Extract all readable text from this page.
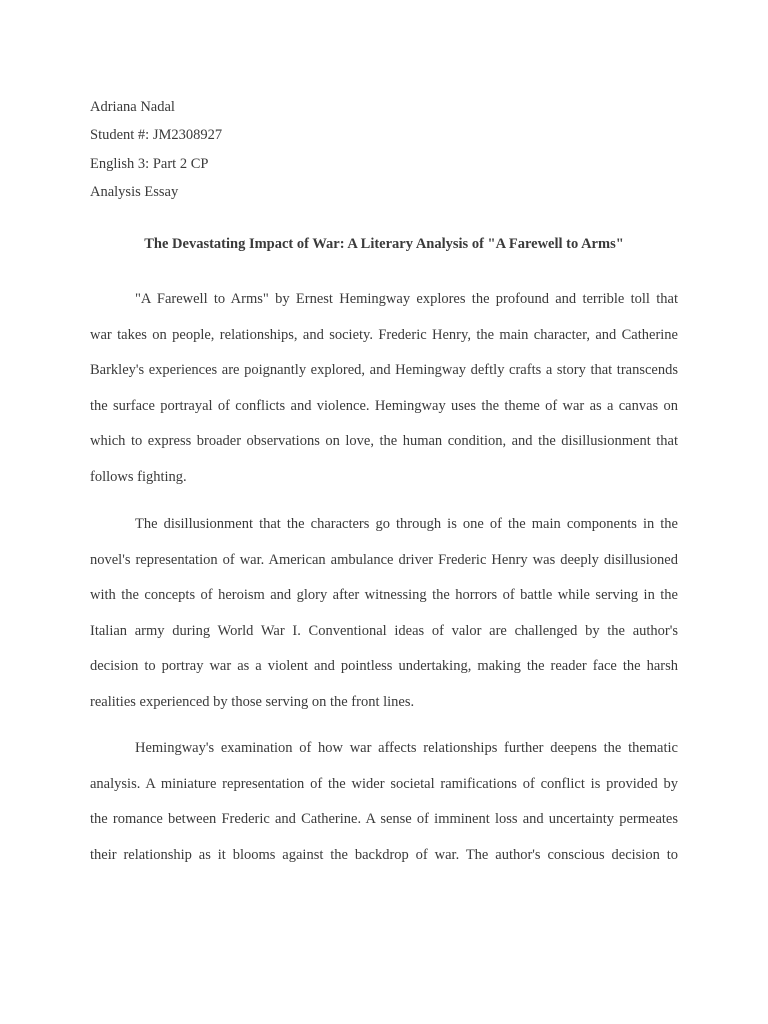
Adriana Nadal
Student #: JM2308927
English 3: Part 2 CP
Analysis Essay
The Devastating Impact of War: A Literary Analysis of "A Farewell to Arms"
"A Farewell to Arms" by Ernest Hemingway explores the profound and terrible toll that
war takes on people, relationships, and society. Frederic Henry, the main character, and Catherine
Barkley's experiences are poignantly explored, and Hemingway deftly crafts a story that transcends
the surface portrayal of conflicts and violence. Hemingway uses the theme of war as a canvas on
which to express broader observations on love, the human condition, and the disillusionment that
follows fighting.
The disillusionment that the characters go through is one of the main components in the
novel's representation of war. American ambulance driver Frederic Henry was deeply disillusioned
with the concepts of heroism and glory after witnessing the horrors of battle while serving in the
Italian army during World War I. Conventional ideas of valor are challenged by the author's
decision to portray war as a violent and pointless undertaking, making the reader face the harsh
realities experienced by those serving on the front lines.
Hemingway's examination of how war affects relationships further deepens the thematic
analysis. A miniature representation of the wider societal ramifications of conflict is provided by
the romance between Frederic and Catherine. A sense of imminent loss and uncertainty permeates
their relationship as it blooms against the backdrop of war. The author's conscious decision to
